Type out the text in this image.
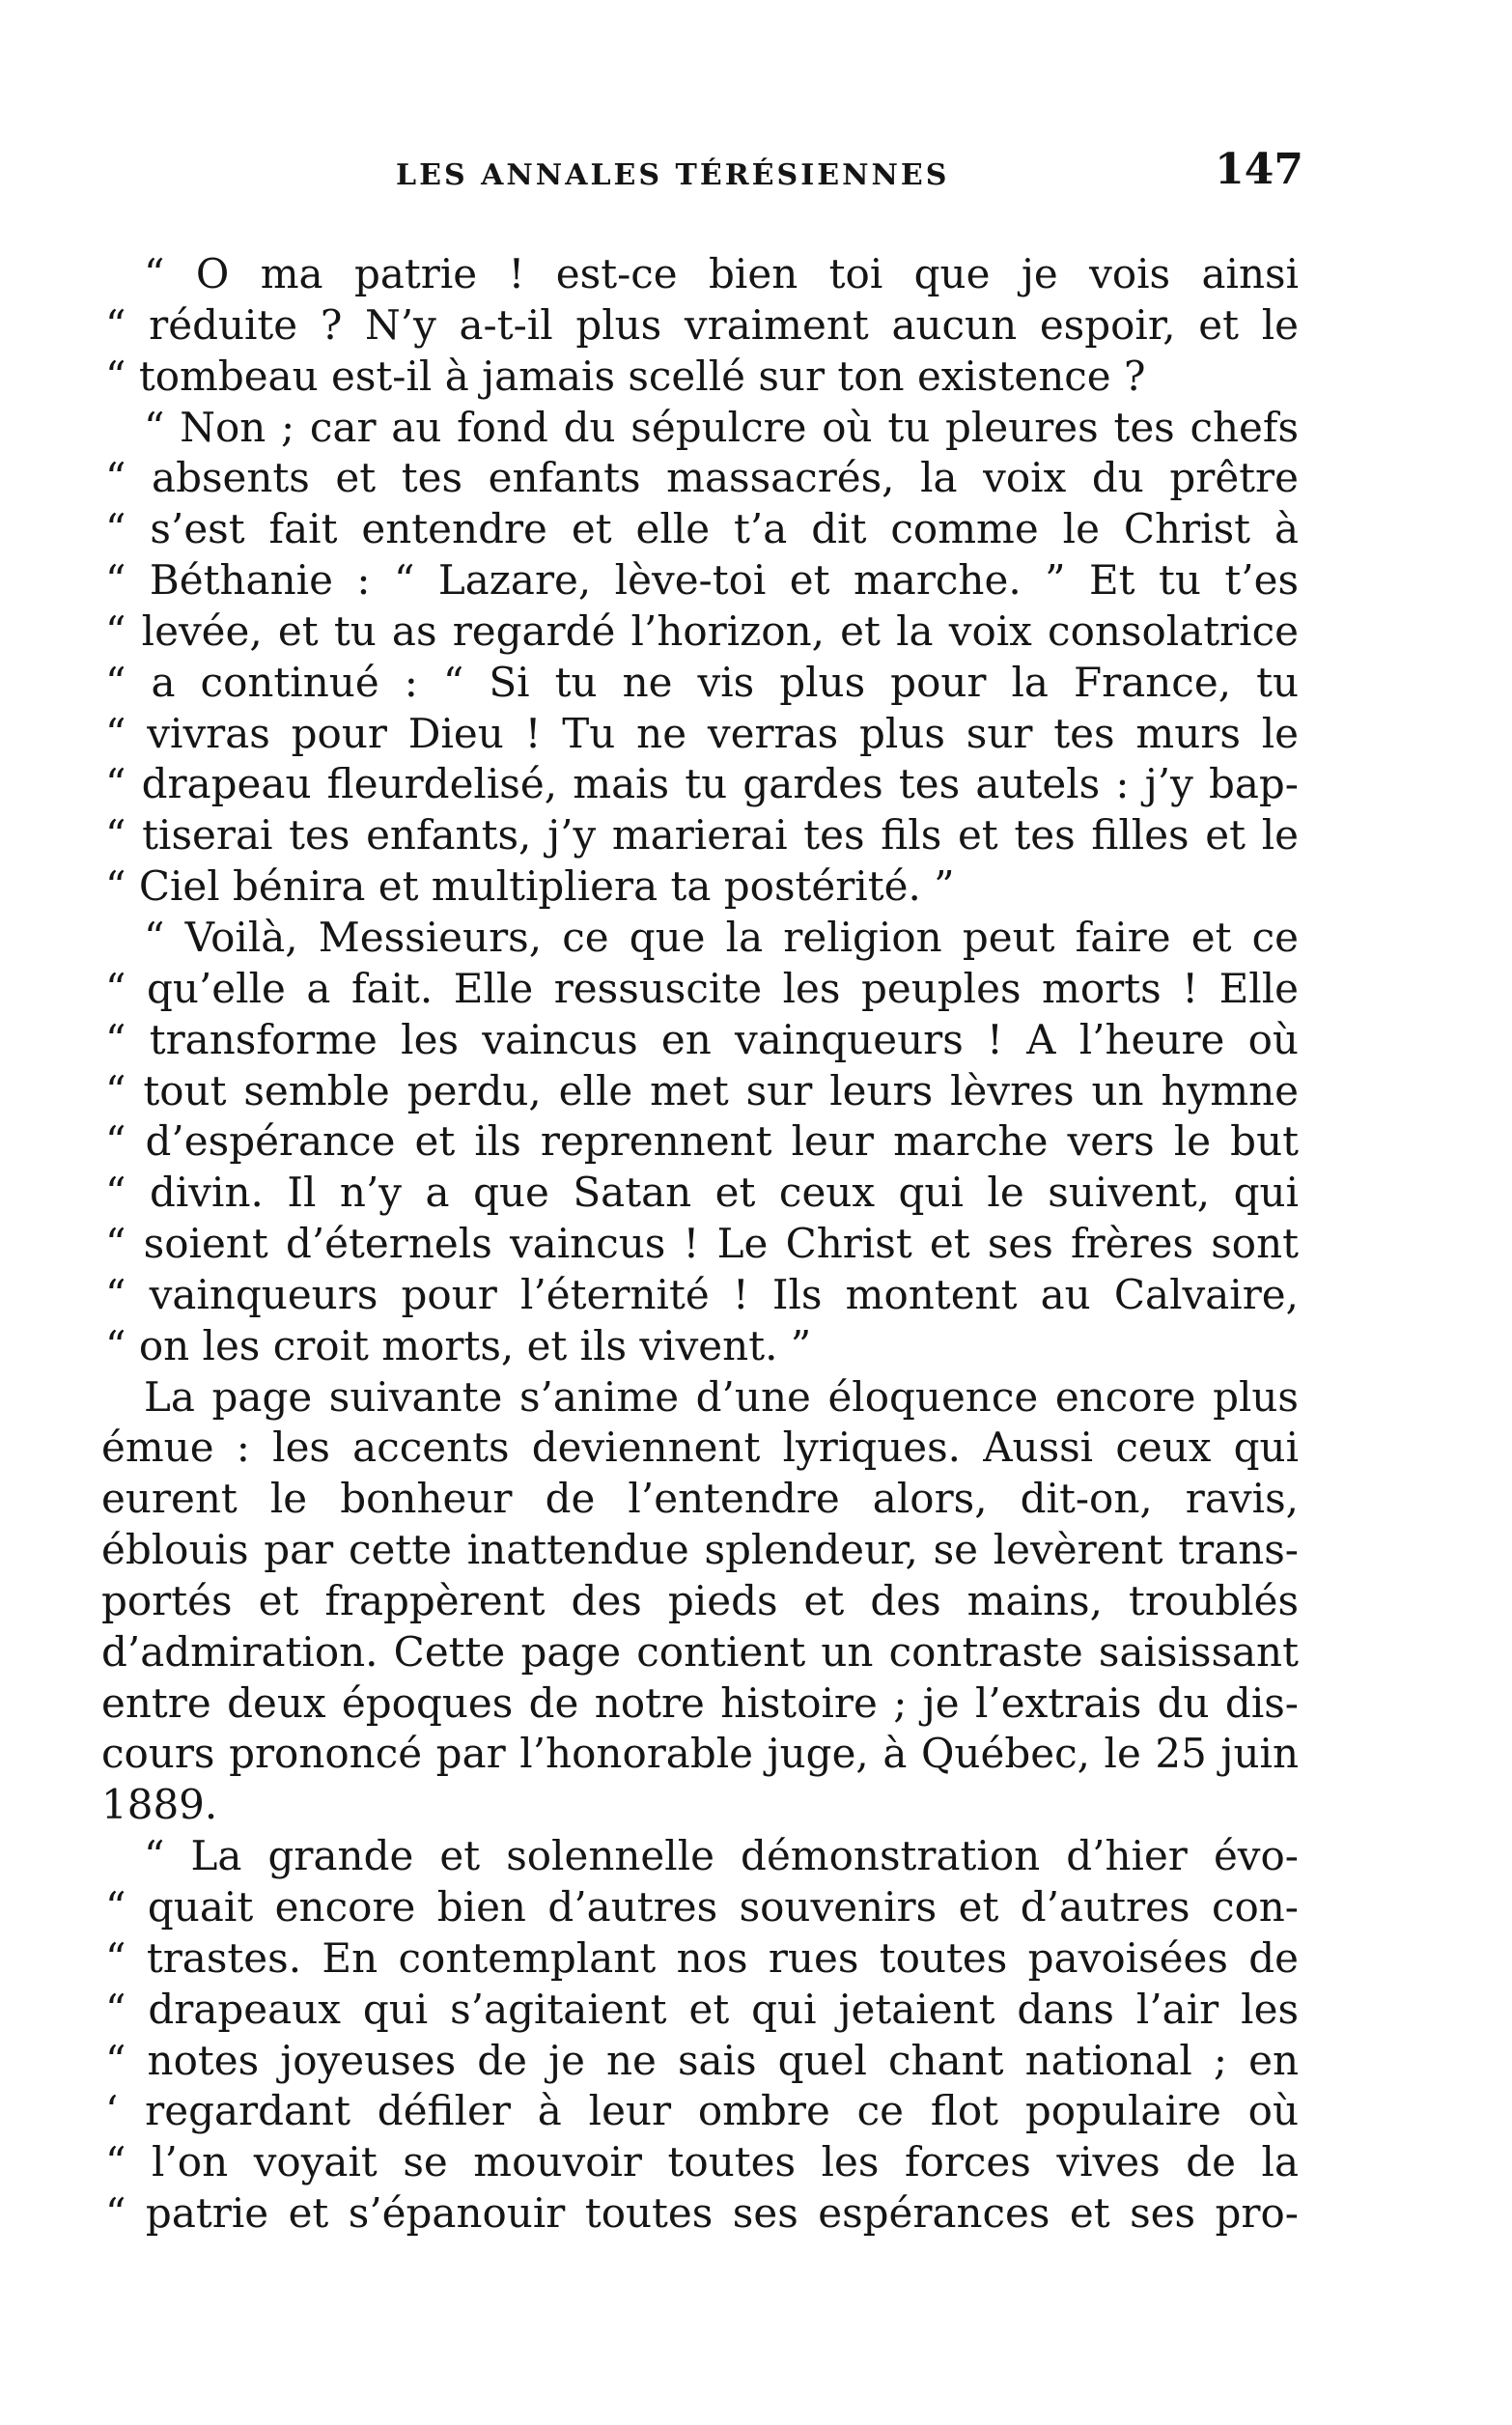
LES ANNALES TÉRÉSIENNES	147
“ O ma patrie ! est-ce bien toi que je vois ainsi
“ réduite ? N’y a-t-il plus vraiment aucun espoir, et le
“ tombeau est-il à jamais scellé sur ton existence ?
“ Non ; car au fond du sépulcre où tu pleures tes chefs
“ absents et tes enfants massacrés, la voix du prêtre
“ s’est fait entendre et elle t’a dit comme le Christ à
“ Béthanie : “ Lazare, lève-toi et marche. ” Et tu t’es
“ levée, et tu as regardé l’horizon, et la voix consolatrice
“ a continué : “ Si tu ne vis plus pour la France, tu
“ vivras pour Dieu ! Tu ne verras plus sur tes murs le
“ drapeau fleurdelisé, mais tu gardes tes autels : j’y bap-
“ tiserai tes enfants, j’y marierai tes fils et tes filles et le
“ Ciel bénira et multipliera ta postérité. ”
“ Voilà, Messieurs, ce que la religion peut faire et ce
“ qu’elle a fait. Elle ressuscite les peuples morts ! Elle
“ transforme les vaincus en vainqueurs ! A l’heure où
“ tout semble perdu, elle met sur leurs lèvres un hymne
“ d’espérance et ils reprennent leur marche vers le but
“ divin. Il n’y a que Satan et ceux qui le suivent, qui
“ soient d’éternels vaincus ! Le Christ et ses frères sont
“ vainqueurs pour l’éternité ! Ils montent au Calvaire,
“ on les croit morts, et ils vivent. ”
La page suivante s’anime d’une éloquence encore plus
émue : les accents deviennent lyriques. Aussi ceux qui
eurent le bonheur de l’entendre alors, dit-on, ravis,
éblouis par cette inattendue splendeur, se levèrent trans-
portés et frappèrent des pieds et des mains, troublés
d’admiration. Cette page contient un contraste saisissant
entre deux époques de notre histoire ; je l’extrais du dis-
cours prononcé par l’honorable juge, à Québec, le 25 juin
1889.
“ La grande et solennelle démonstration d’hier évo-
“ quait encore bien d’autres souvenirs et d’autres con-
“ trastes. En contemplant nos rues toutes pavoisées de
“ drapeaux qui s’agitaient et qui jetaient dans l’air les
“ notes joyeuses de je ne sais quel chant national ; en
‘ regardant défiler à leur ombre ce flot populaire où
“ l’on voyait se mouvoir toutes les forces vives de la
“ patrie et s’épanouir toutes ses espérances et ses pro-
